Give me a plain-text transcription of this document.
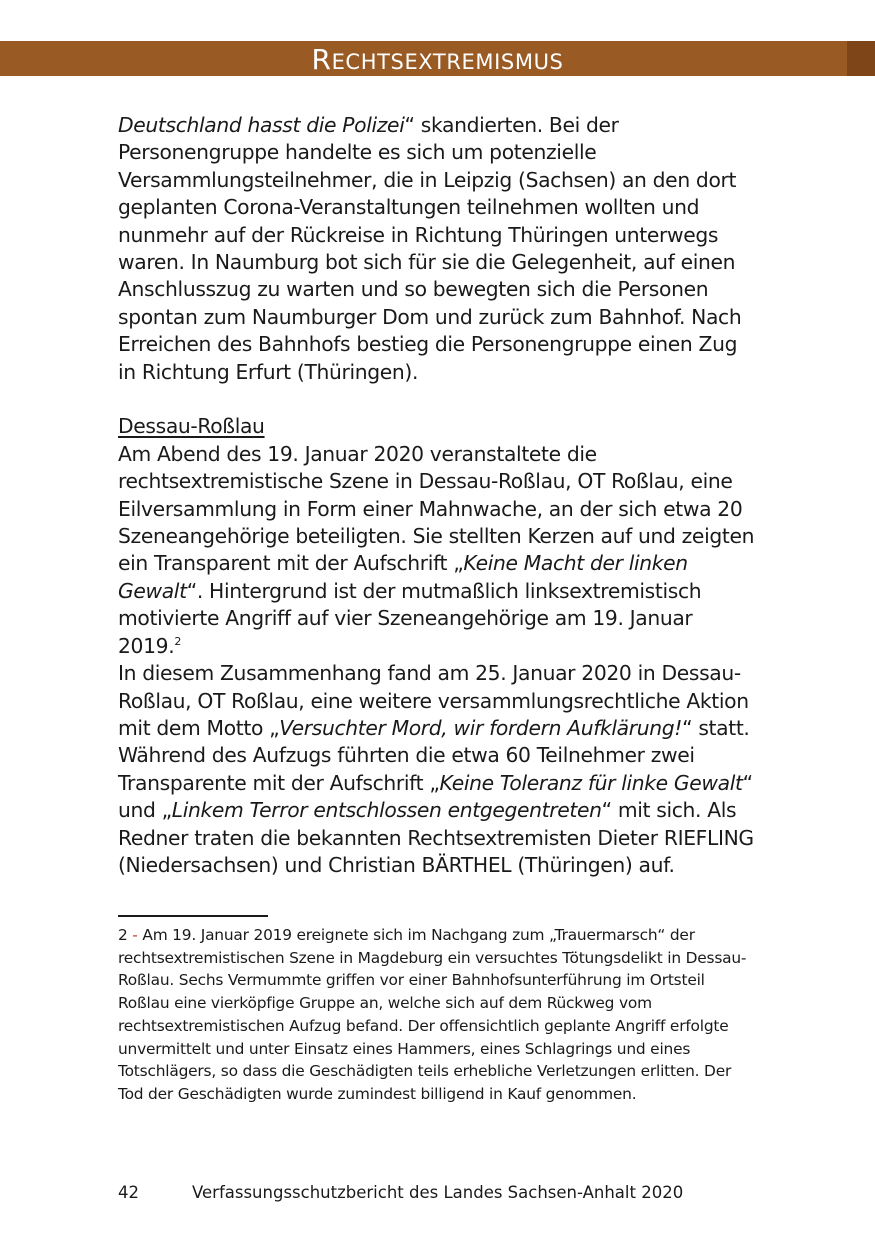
RECHTSEXTREMISMUS

Deutschland hasst die Polizei“ skandierten. Bei der Personengruppe handelte es sich um potenzielle Versammlungsteilnehmer, die in Leipzig (Sachsen) an den dort geplanten Corona-Veranstaltungen teilnehmen wollten und nunmehr auf der Rückreise in Richtung Thüringen unterwegs waren. In Naumburg bot sich für sie die Gelegenheit, auf einen Anschlusszug zu warten und so bewegten sich die Personen spontan zum Naumburger Dom und zurück zum Bahnhof. Nach Erreichen des Bahnhofs bestieg die Personengruppe einen Zug in Richtung Erfurt (Thüringen).

Dessau-Roßlau

Am Abend des 19. Januar 2020 veranstaltete die rechtsextremistische Szene in Dessau-Roßlau, OT Roßlau, eine Eilversammlung in Form einer Mahnwache, an der sich etwa 20 Szeneangehörige beteiligten. Sie stellten Kerzen auf und zeigten ein Transparent mit der Aufschrift „Keine Macht der linken Gewalt“. Hintergrund ist der mutmaßlich linksextremistisch motivierte Angriff auf vier Szeneangehörige am 19. Januar 2019.$^2$

In diesem Zusammenhang fand am 25. Januar 2020 in Dessau-Roßlau, OT Roßlau, eine weitere versammlungsrechtliche Aktion mit dem Motto „Versuchter Mord, wir fordern Aufklärung!“ statt. Während des Aufzugs führten die etwa 60 Teilnehmer zwei Transparente mit der Aufschrift „Keine Toleranz für linke Gewalt“ und „Linkem Terror entschlossen entgegentreten“ mit sich. Als Redner traten die bekannten Rechtsextremisten Dieter RIEFLING (Niedersachsen) und Christian BÄRTHEL (Thüringen) auf.

2 - Am 19. Januar 2019 ereignete sich im Nachgang zum „Trauermarsch“ der rechtsextremistischen Szene in Magdeburg ein versuchtes Tötungsdelikt in Dessau-Roßlau. Sechs Vermummte griffen vor einer Bahnhofsunterführung im Ortsteil Roßlau eine vierköpfige Gruppe an, welche sich auf dem Rückweg vom rechtsextremistischen Aufzug befand. Der offensichtlich geplante Angriff erfolgte unvermittelt und unter Einsatz eines Hammers, eines Schlagrings und eines Totschlägers, so dass die Geschädigten teils erhebliche Verletzungen erlitten. Der Tod der Geschädigten wurde zumindest billigend in Kauf genommen.
42	Verfassungsschutzbericht des Landes Sachsen-Anhalt 2020
